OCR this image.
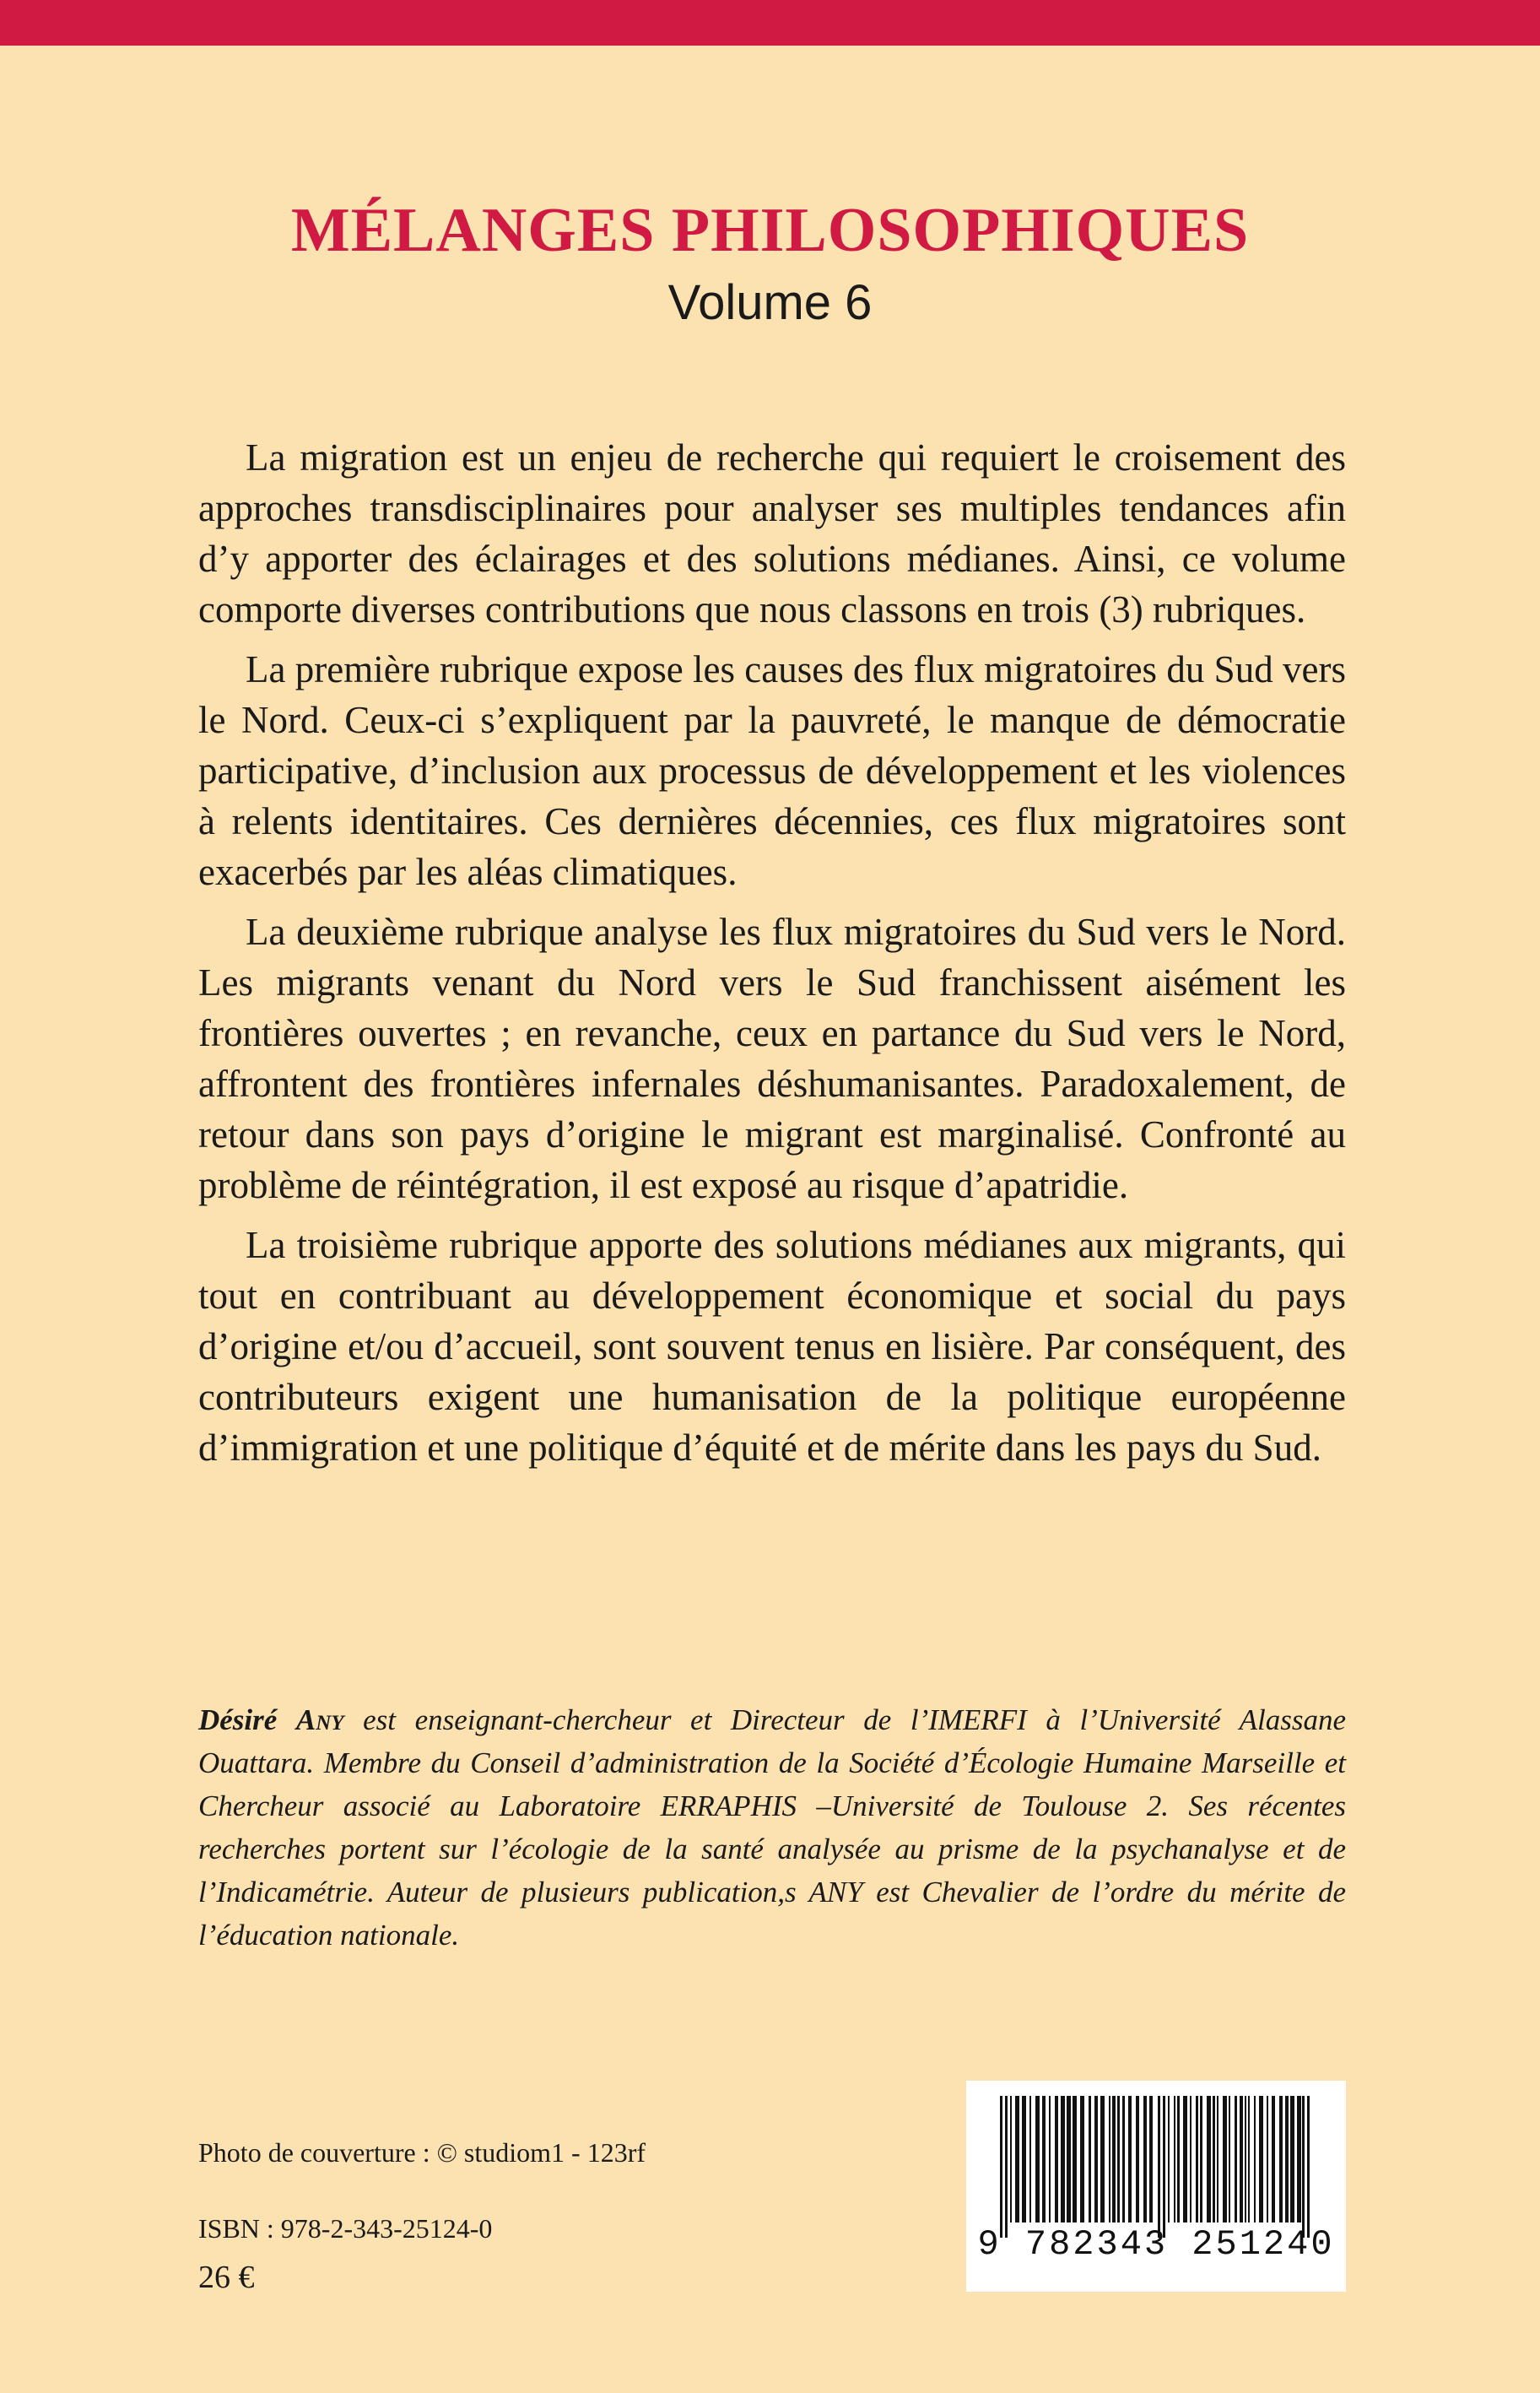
MÉLANGES PHILOSOPHIQUES
Volume 6

La migration est un enjeu de recherche qui requiert le croisement des approches transdisciplinaires pour analyser ses multiples tendances afin d’y apporter des éclairages et des solutions médianes. Ainsi, ce volume comporte diverses contributions que nous classons en trois (3) rubriques.

La première rubrique expose les causes des flux migratoires du Sud vers le Nord. Ceux-ci s’expliquent par la pauvreté, le manque de démocratie participative, d’inclusion aux processus de développement et les violences à relents identitaires. Ces dernières décennies, ces flux migratoires sont exacerbés par les aléas climatiques.

La deuxième rubrique analyse les flux migratoires du Sud vers le Nord. Les migrants venant du Nord vers le Sud franchissent aisément les frontières ouvertes ; en revanche, ceux en partance du Sud vers le Nord, affrontent des frontières infernales déshumanisantes. Paradoxalement, de retour dans son pays d’origine le migrant est marginalisé. Confronté au problème de réintégration, il est exposé au risque d’apatridie.

La troisième rubrique apporte des solutions médianes aux migrants, qui tout en contribuant au développement économique et social du pays d’origine et/ou d’accueil, sont souvent tenus en lisière. Par conséquent, des contributeurs exigent une humanisation de la politique européenne d’immigration et une politique d’équité et de mérite dans les pays du Sud.

Désiré Any est enseignant-chercheur et Directeur de l’IMERFI à l’Université Alassane Ouattara. Membre du Conseil d’administration de la Société d’Écologie Humaine Marseille et Chercheur associé au Laboratoire ERRAPHIS –Université de Toulouse 2. Ses récentes recherches portent sur l’écologie de la santé analysée au prisme de la psychanalyse et de l’Indicamétrie. Auteur de plusieurs publication,s ANY est Chevalier de l’ordre du mérite de l’éducation nationale.
Photo de couverture : © studiom1 - 123rf
ISBN : 978-2-343-25124-0
26 €
9 782343 251240
